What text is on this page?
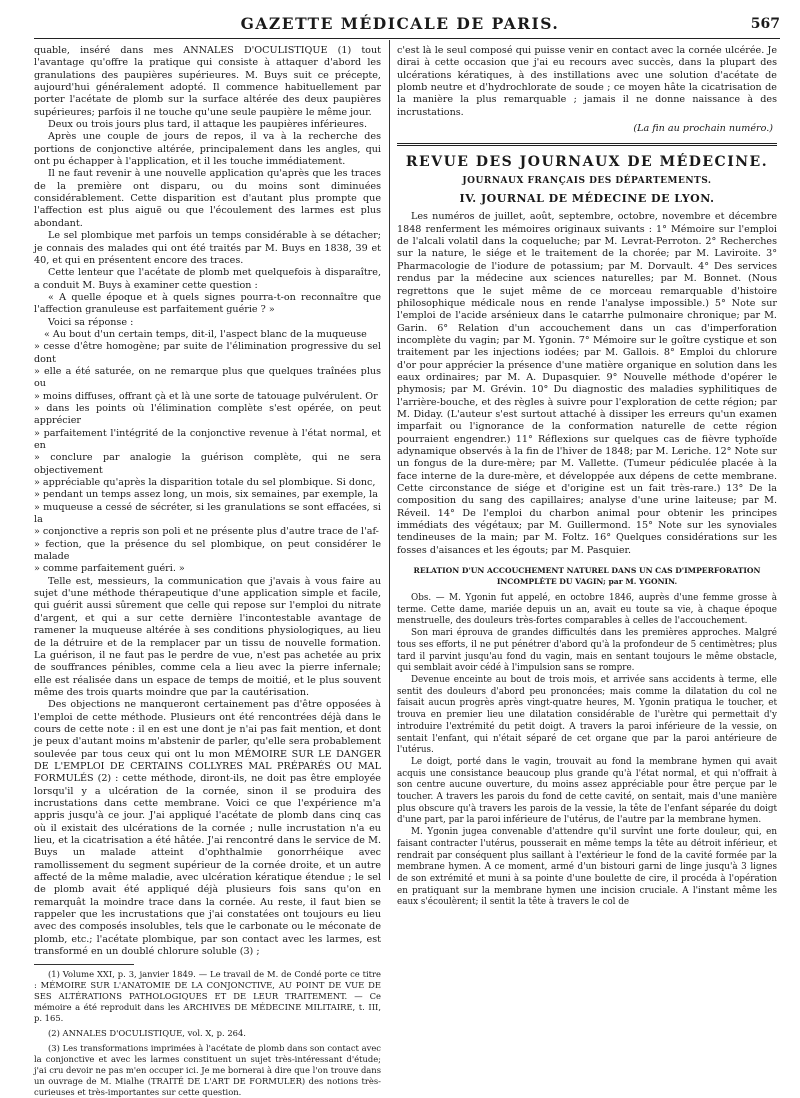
GAZETTE MÉDICALE DE PARIS.	567

quable, inséré dans mes ANNALES D'OCULISTIQUE (1) tout l'avantage qu'offre la pratique qui consiste à attaquer d'abord les granulations des paupières supérieures. M. Buys suit ce précepte, aujourd'hui généralement adopté. Il commence habituellement par porter l'acétate de plomb sur la surface altérée des deux paupières supérieures; parfois il ne touche qu'une seule paupière le même jour.

Deux ou trois jours plus tard, il attaque les paupières inférieures.

Après une couple de jours de repos, il va à la recherche des portions de conjonctive altérée, principalement dans les angles, qui ont pu échapper à l'application, et il les touche immédiatement.

Il ne faut revenir à une nouvelle application qu'après que les traces de la première ont disparu, ou du moins sont diminuées considérablement. Cette disparition est d'autant plus prompte que l'affection est plus aiguë ou que l'écoulement des larmes est plus abondant.

Le sel plombique met parfois un temps considérable à se détacher; je connais des malades qui ont été traités par M. Buys en 1838, 39 et 40, et qui en présentent encore des traces.

Cette lenteur que l'acétate de plomb met quelquefois à disparaître, a conduit M. Buys à examiner cette question :

« A quelle époque et à quels signes pourra-t-on reconnaître que l'affection granuleuse est parfaitement guérie ? »

Voici sa réponse :

« Au bout d'un certain temps, dit-il, l'aspect blanc de la muqueuse

» cesse d'être homogène; par suite de l'élimination progressive du sel dont

» elle a été saturée, on ne remarque plus que quelques traînées plus ou

» moins diffuses, offrant çà et là une sorte de tatouage pulvérulent. Or

» dans les points où l'élimination complète s'est opérée, on peut apprécier

» parfaitement l'intégrité de la conjonctive revenue à l'état normal, et en

» conclure par analogie la guérison complète, qui ne sera objectivement

» appréciable qu'après la disparition totale du sel plombique. Si donc,

» pendant un temps assez long, un mois, six semaines, par exemple, la

» muqueuse a cessé de sécréter, si les granulations se sont effacées, si la

» conjonctive a repris son poli et ne présente plus d'autre trace de l'af-

» fection, que la présence du sel plombique, on peut considérer le malade

» comme parfaitement guéri. »

Telle est, messieurs, la communication que j'avais à vous faire au sujet d'une méthode thérapeutique d'une application simple et facile, qui guérit aussi sûrement que celle qui repose sur l'emploi du nitrate d'argent, et qui a sur cette dernière l'incontestable avantage de ramener la muqueuse altérée à ses conditions physiologiques, au lieu de la détruire et de la remplacer par un tissu de nouvelle formation. La guérison, il ne faut pas le perdre de vue, n'est pas achetée au prix de souffrances pénibles, comme cela a lieu avec la pierre infernale; elle est réalisée dans un espace de temps de moitié, et le plus souvent même des trois quarts moindre que par la cautérisation.

Des objections ne manqueront certainement pas d'être opposées à l'emploi de cette méthode. Plusieurs ont été rencontrées déjà dans le cours de cette note : il en est une dont je n'ai pas fait mention, et dont je peux d'autant moins m'abstenir de parler, qu'elle sera probablement soulevée par tous ceux qui ont lu mon MÉMOIRE SUR LE DANGER DE L'EMPLOI DE CERTAINS COLLYRES MAL PRÉPARÉS OU MAL FORMULÉS (2) : cette méthode, diront-ils, ne doit pas être employée lorsqu'il y a ulcération de la cornée, sinon il se produira des incrustations dans cette membrane. Voici ce que l'expérience m'a appris jusqu'à ce jour. J'ai appliqué l'acétate de plomb dans cinq cas où il existait des ulcérations de la cornée ; nulle incrustation n'a eu lieu, et la cicatrisation a été hâtée. J'ai rencontré dans le service de M. Buys un malade atteint d'ophthalmie gonorrhéique avec ramollissement du segment supérieur de la cornée droite, et un autre affecté de la même maladie, avec ulcération kératique étendue ; le sel de plomb avait été appliqué déjà plusieurs fois sans qu'on en remarquât la moindre trace dans la cornée. Au reste, il faut bien se rappeler que les incrustations que j'ai constatées ont toujours eu lieu avec des composés insolubles, tels que le carbonate ou le méconate de plomb, etc.; l'acétate plombique, par son contact avec les larmes, est transformé en un doublé chlorure soluble (3) ;

(1) Volume XXI, p. 3, janvier 1849. — Le travail de M. de Condé porte ce titre : MÉMOIRE SUR L'ANATOMIE DE LA CONJONCTIVE, AU POINT DE VUE DE SES ALTÉRATIONS PATHOLOGIQUES ET DE LEUR TRAITEMENT. — Ce mémoire a été reproduit dans les ARCHIVES DE MÉDECINE MILITAIRE, t. III, p. 165.

(2) ANNALES D'OCULISTIQUE, vol. X, p. 264.

(3) Les transformations imprimées à l'acétate de plomb dans son contact avec la conjonctive et avec les larmes constituent un sujet très-intéressant d'étude; j'ai cru devoir ne pas m'en occuper ici. Je me bornerai à dire que l'on trouve dans un ouvrage de M. Mialhe (TRAITÉ DE L'ART DE FORMULER) des notions très-curieuses et très-importantes sur cette question.

c'est là le seul composé qui puisse venir en contact avec la cornée ulcérée. Je dirai à cette occasion que j'ai eu recours avec succès, dans la plupart des ulcérations kératiques, à des instillations avec une solution d'acétate de plomb neutre et d'hydrochlorate de soude ; ce moyen hâte la cicatrisation de la manière la plus remarquable ; jamais il ne donne naissance à des incrustations.

(La fin au prochain numéro.)
REVUE DES JOURNAUX DE MÉDECINE.
JOURNAUX FRANÇAIS DES DÉPARTEMENTS.
IV. JOURNAL DE MÉDECINE DE LYON.

Les numéros de juillet, août, septembre, octobre, novembre et décembre 1848 renferment les mémoires originaux suivants : 1° Mémoire sur l'emploi de l'alcali volatil dans la coqueluche; par M. Levrat-Perroton. 2° Recherches sur la nature, le siége et le traitement de la chorée; par M. Laviroite. 3° Pharmacologie de l'iodure de potassium; par M. Dorvault. 4° Des services rendus par la médecine aux sciences naturelles; par M. Bonnet. (Nous regrettons que le sujet même de ce morceau remarquable d'histoire philosophique médicale nous en rende l'analyse impossible.) 5° Note sur l'emploi de l'acide arsénieux dans le catarrhe pulmonaire chronique; par M. Garin. 6° Relation d'un accouchement dans un cas d'imperforation incomplète du vagin; par M. Ygonin. 7° Mémoire sur le goître cystique et son traitement par les injections iodées; par M. Gallois. 8° Emploi du chlorure d'or pour apprécier la présence d'une matière organique en solution dans les eaux ordinaires; par M. A. Dupasquier. 9° Nouvelle méthode d'opérer le phymosis; par M. Grévin. 10° Du diagnostic des maladies syphilitiques de l'arrière-bouche, et des règles à suivre pour l'exploration de cette région; par M. Diday. (L'auteur s'est surtout attaché à dissiper les erreurs qu'un examen imparfait ou l'ignorance de la conformation naturelle de cette région pourraient engendrer.) 11° Réflexions sur quelques cas de fièvre typhoïde adynamique observés à la fin de l'hiver de 1848; par M. Leriche. 12° Note sur un fongus de la dure-mère; par M. Vallette. (Tumeur pédiculée placée à la face interne de la dure-mère, et développée aux dépens de cette membrane. Cette circonstance de siége et d'origine est un fait très-rare.) 13° De la composition du sang des capillaires; analyse d'une urine laiteuse; par M. Réveil. 14° De l'emploi du charbon animal pour obtenir les principes immédiats des végétaux; par M. Guillermond. 15° Note sur les synoviales tendineuses de la main; par M. Foltz. 16° Quelques considérations sur les fosses d'aisances et les égouts; par M. Pasquier.

RELATION D'UN ACCOUCHEMENT NATUREL DANS UN CAS D'IMPERFORATION INCOMPLÈTE DU VAGIN; par M. YGONIN.

Obs. — M. Ygonin fut appelé, en octobre 1846, auprès d'une femme grosse à terme. Cette dame, mariée depuis un an, avait eu toute sa vie, à chaque époque menstruelle, des douleurs très-fortes comparables à celles de l'accouchement.

Son mari éprouva de grandes difficultés dans les premières approches. Malgré tous ses efforts, il ne put pénétrer d'abord qu'à la profondeur de 5 centimètres; plus tard il parvint jusqu'au fond du vagin, mais en sentant toujours le même obstacle, qui semblait avoir cédé à l'impulsion sans se rompre.

Devenue enceinte au bout de trois mois, et arrivée sans accidents à terme, elle sentit des douleurs d'abord peu prononcées; mais comme la dilatation du col ne faisait aucun progrès après vingt-quatre heures, M. Ygonin pratiqua le toucher, et trouva en premier lieu une dilatation considérable de l'urètre qui permettait d'y introduire l'extrémité du petit doigt. A travers la paroi inférieure de la vessie, on sentait l'enfant, qui n'était séparé de cet organe que par la paroi antérieure de l'utérus.

Le doigt, porté dans le vagin, trouvait au fond la membrane hymen qui avait acquis une consistance beaucoup plus grande qu'à l'état normal, et qui n'offrait à son centre aucune ouverture, du moins assez appréciable pour être perçue par le toucher. A travers les parois du fond de cette cavité, on sentait, mais d'une manière plus obscure qu'à travers les parois de la vessie, la tête de l'enfant séparée du doigt d'une part, par la paroi inférieure de l'utérus, de l'autre par la membrane hymen.

M. Ygonin jugea convenable d'attendre qu'il survînt une forte douleur, qui, en faisant contracter l'utérus, pousserait en même temps la tête au détroit inférieur, et rendrait par conséquent plus saillant à l'extérieur le fond de la cavité formée par la membrane hymen. A ce moment, armé d'un bistouri garni de linge jusqu'à 3 lignes de son extrémité et muni à sa pointe d'une boulette de cire, il procéda à l'opération en pratiquant sur la membrane hymen une incision cruciale. A l'instant même les eaux s'écoulèrent; il sentit la tête à travers le col de
